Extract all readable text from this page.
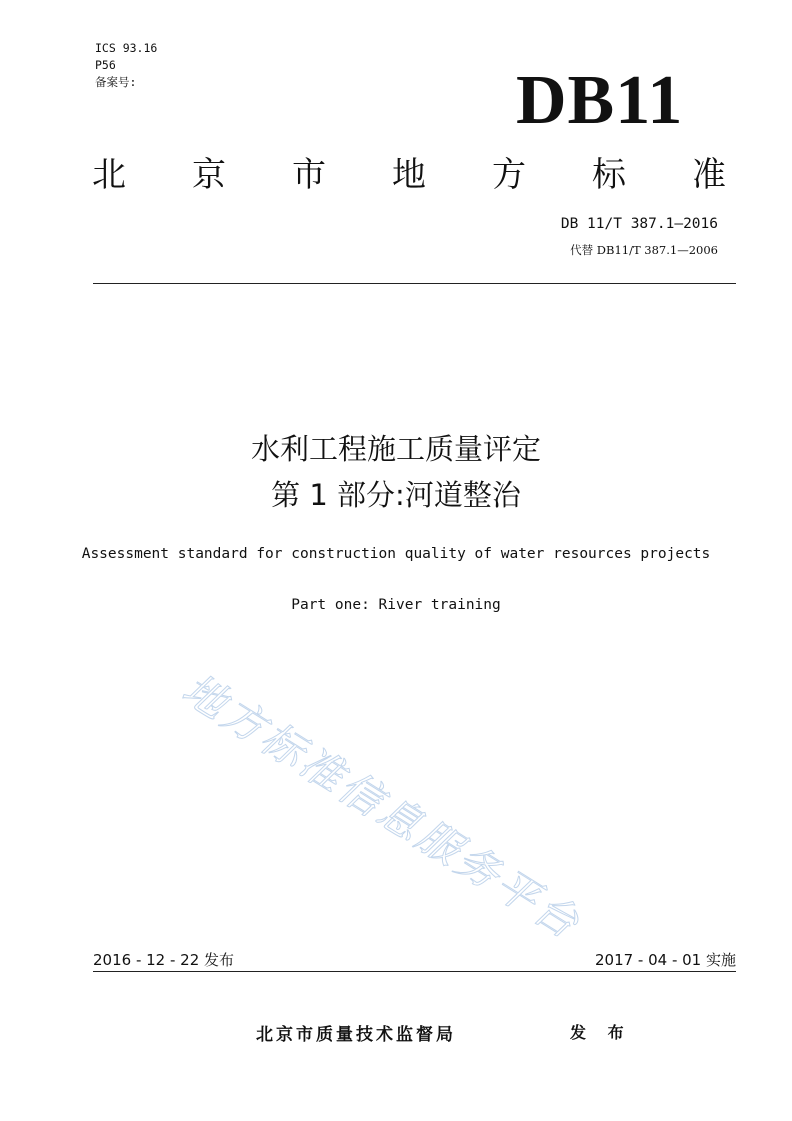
ICS 93.16
P56
备案号:	DB11
北 京 市 地 方 标 准
DB 11/T 387.1—2016
代替 DB11/T 387.1—2006
水利工程施工质量评定
第 1 部分:河道整治
Assessment standard for construction quality of water resources projects
Part one: River training
地方标准信息服务平台
2016 - 12 - 22 发布	2017 - 04 - 01 实施
北京市质量技术监督局	发 布
